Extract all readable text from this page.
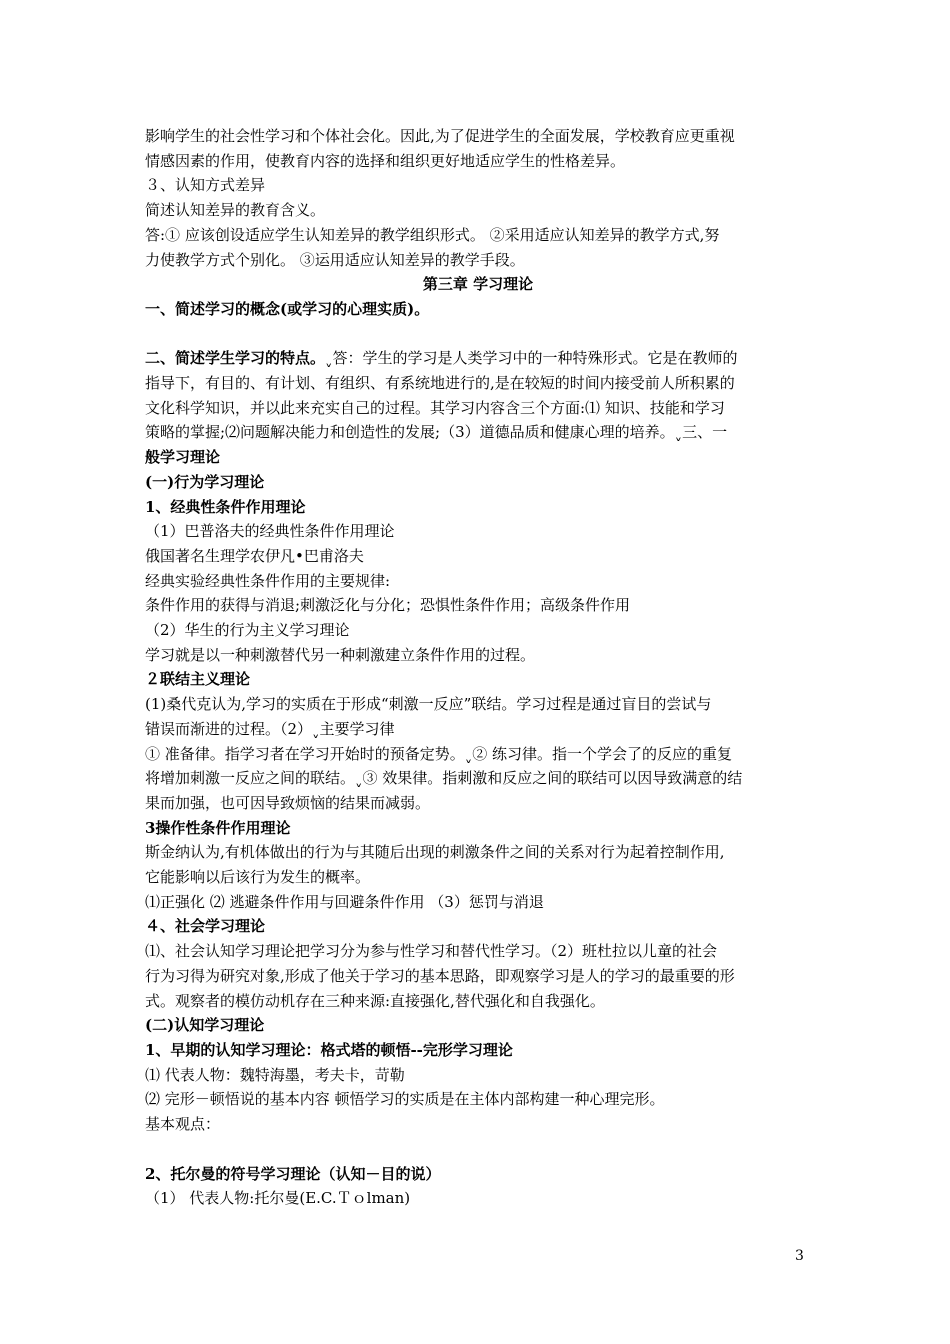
影响学生的社会性学习和个体社会化。因此,为了促进学生的全面发展，学校教育应更重视
情感因素的作用，使教育内容的选择和组织更好地适应学生的性格差异。
３、认知方式差异
简述认知差异的教育含义。
答:① 应该创设适应学生认知差异的教学组织形式。 ②采用适应认知差异的教学方式,努
力使教学方式个别化。 ③运用适应认知差异的教学手段。
第三章 学习理论
一、简述学习的概念(或学习的心理实质)。
二、简述学生学习的特点。ˬ答：学生的学习是人类学习中的一种特殊形式。它是在教师的
指导下，有目的、有计划、有组织、有系统地进行的,是在较短的时间内接受前人所积累的
文化科学知识，并以此来充实自己的过程。其学习内容含三个方面:⑴ 知识、技能和学习
策略的掌握;⑵问题解决能力和创造性的发展;（3）道德品质和健康心理的培养。ˬ三、一
般学习理论
(一)行为学习理论
1、经典性条件作用理论
（1）巴普洛夫的经典性条件作用理论
俄国著名生理学农伊凡•巴甫洛夫
经典实验经典性条件作用的主要规律:
条件作用的获得与消退;刺激泛化与分化；恐惧性条件作用；高级条件作用
（2）华生的行为主义学习理论
学习就是以一种刺激替代另一种刺激建立条件作用的过程。
２联结主义理论
(1)桑代克认为,学习的实质在于形成“刺激一反应”联结。学习过程是通过盲目的尝试与
错误而渐进的过程。（2）ˬ主要学习律
① 准备律。指学习者在学习开始时的预备定势。ˬ② 练习律。指一个学会了的反应的重复
将增加刺激一反应之间的联结。ˬ③ 效果律。指刺激和反应之间的联结可以因导致满意的结
果而加强，也可因导致烦恼的结果而减弱。
3操作性条件作用理论
斯金纳认为,有机体做出的行为与其随后出现的刺激条件之间的关系对行为起着控制作用,
它能影响以后该行为发生的概率。
⑴正强化 ⑵ 逃避条件作用与回避条件作用 （3）惩罚与消退
４、社会学习理论
⑴、社会认知学习理论把学习分为参与性学习和替代性学习。（2）班杜拉以儿童的社会
行为习得为研究对象,形成了他关于学习的基本思路，即观察学习是人的学习的最重要的形
式。观察者的模仿动机存在三种来源:直接强化,替代强化和自我强化。
(二)认知学习理论
1、早期的认知学习理论：格式塔的顿悟--完形学习理论
⑴ 代表人物：魏特海墨，考夫卡，苛勒
⑵ 完形－顿悟说的基本内容 顿悟学习的实质是在主体内部构建一种心理完形。
基本观点：
2、托尔曼的符号学习理论（认知－目的说）
（1） 代表人物:托尔曼(E.C.Ｔｏlman)
3
